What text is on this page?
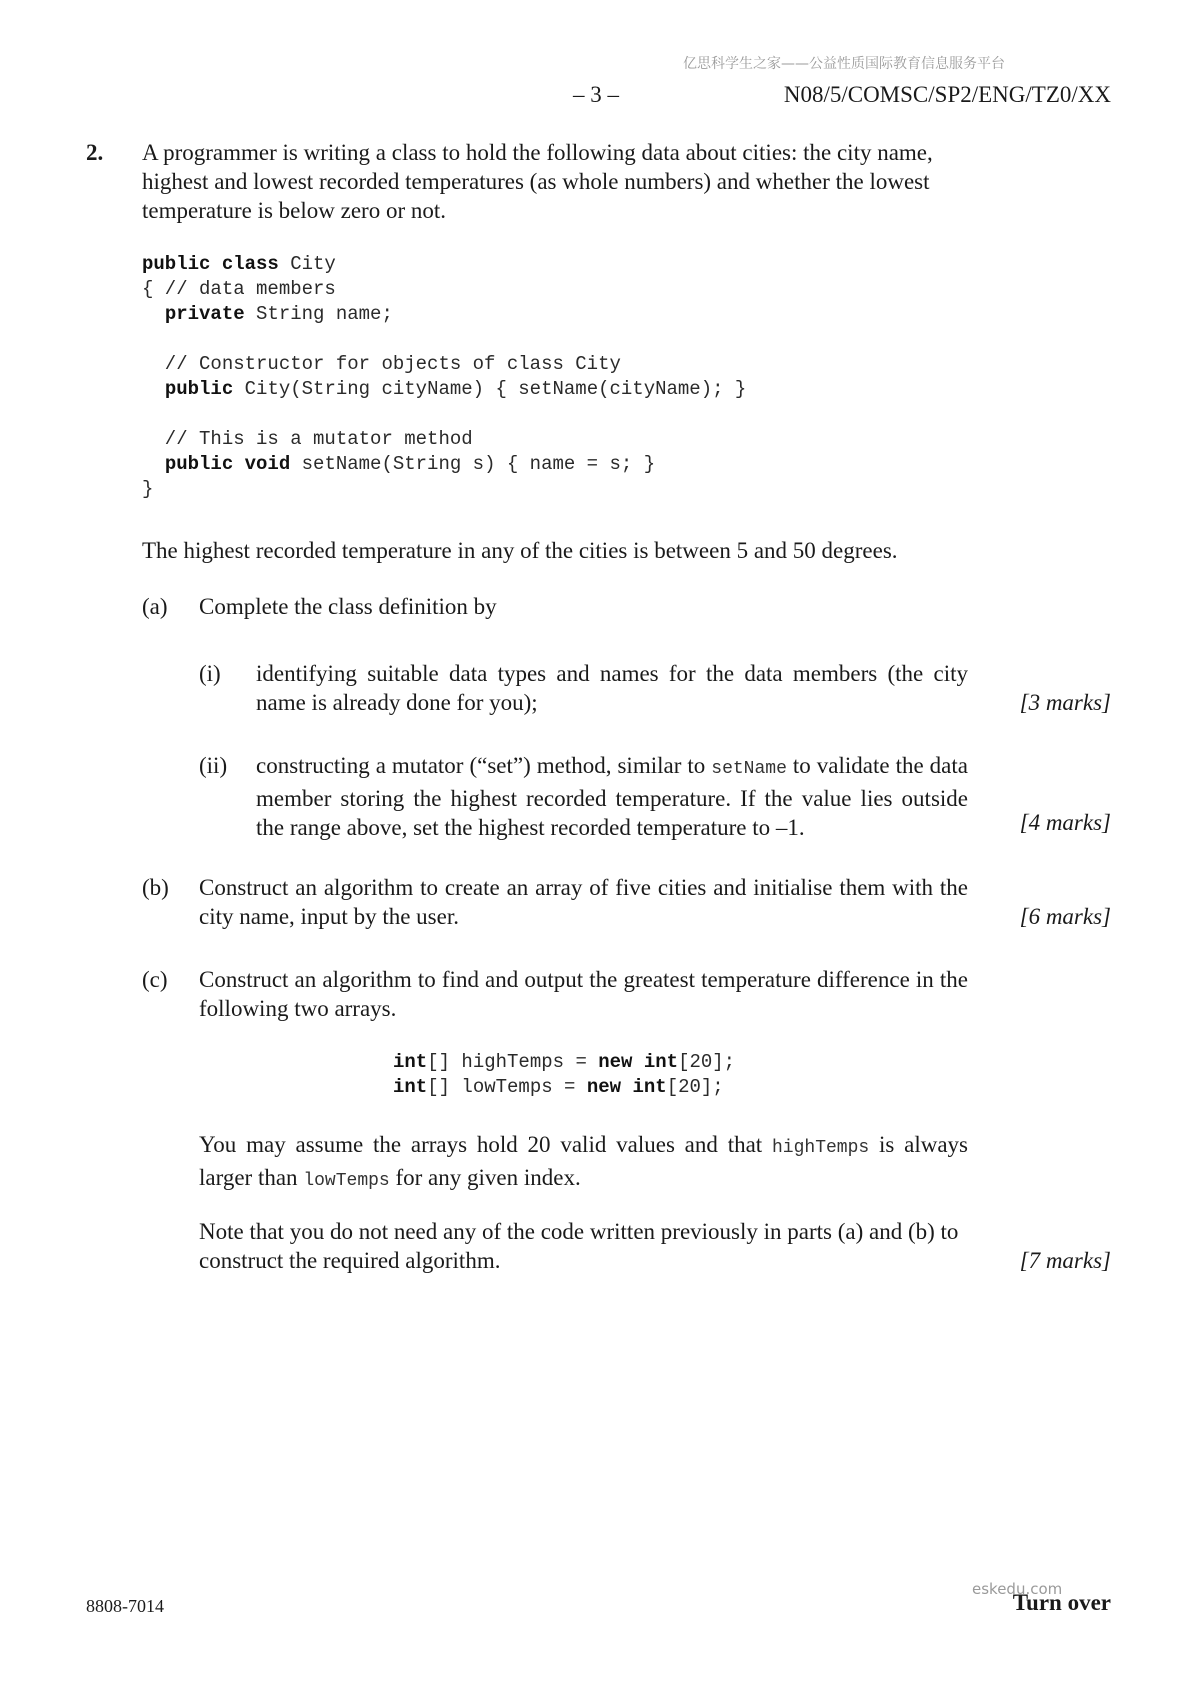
亿思科学生之家——公益性质国际教育信息服务平台
– 3 –	N08/5/COMSC/SP2/ENG/TZ0/XX
2. A programmer is writing a class to hold the following data about cities: the city name, highest and lowest recorded temperatures (as whole numbers) and whether the lowest temperature is below zero or not.
public class City
{ // data members
private String name;

// Constructor for objects of class City
public City(String cityName) { setName(cityName); }

// This is a mutator method
public void setName(String s) { name = s; }
}
The highest recorded temperature in any of the cities is between 5 and 50 degrees.
(a) Complete the class definition by
(i) identifying suitable data types and names for the data members (the city name is already done for you);	[3 marks]
(ii) constructing a mutator (“set”) method, similar to setName to validate the data member storing the highest recorded temperature. If the value lies outside the range above, set the highest recorded temperature to –1.	[4 marks]
(b) Construct an algorithm to create an array of five cities and initialise them with the city name, input by the user.	[6 marks]
(c) Construct an algorithm to find and output the greatest temperature difference in the following two arrays.
int[] highTemps = new int[20];
int[] lowTemps = new int[20];
You may assume the arrays hold 20 valid values and that highTemps is always larger than lowTemps for any given index.
Note that you do not need any of the code written previously in parts (a) and (b) to construct the required algorithm.	[7 marks]
8808-7014	Turn over
eskedu.com
